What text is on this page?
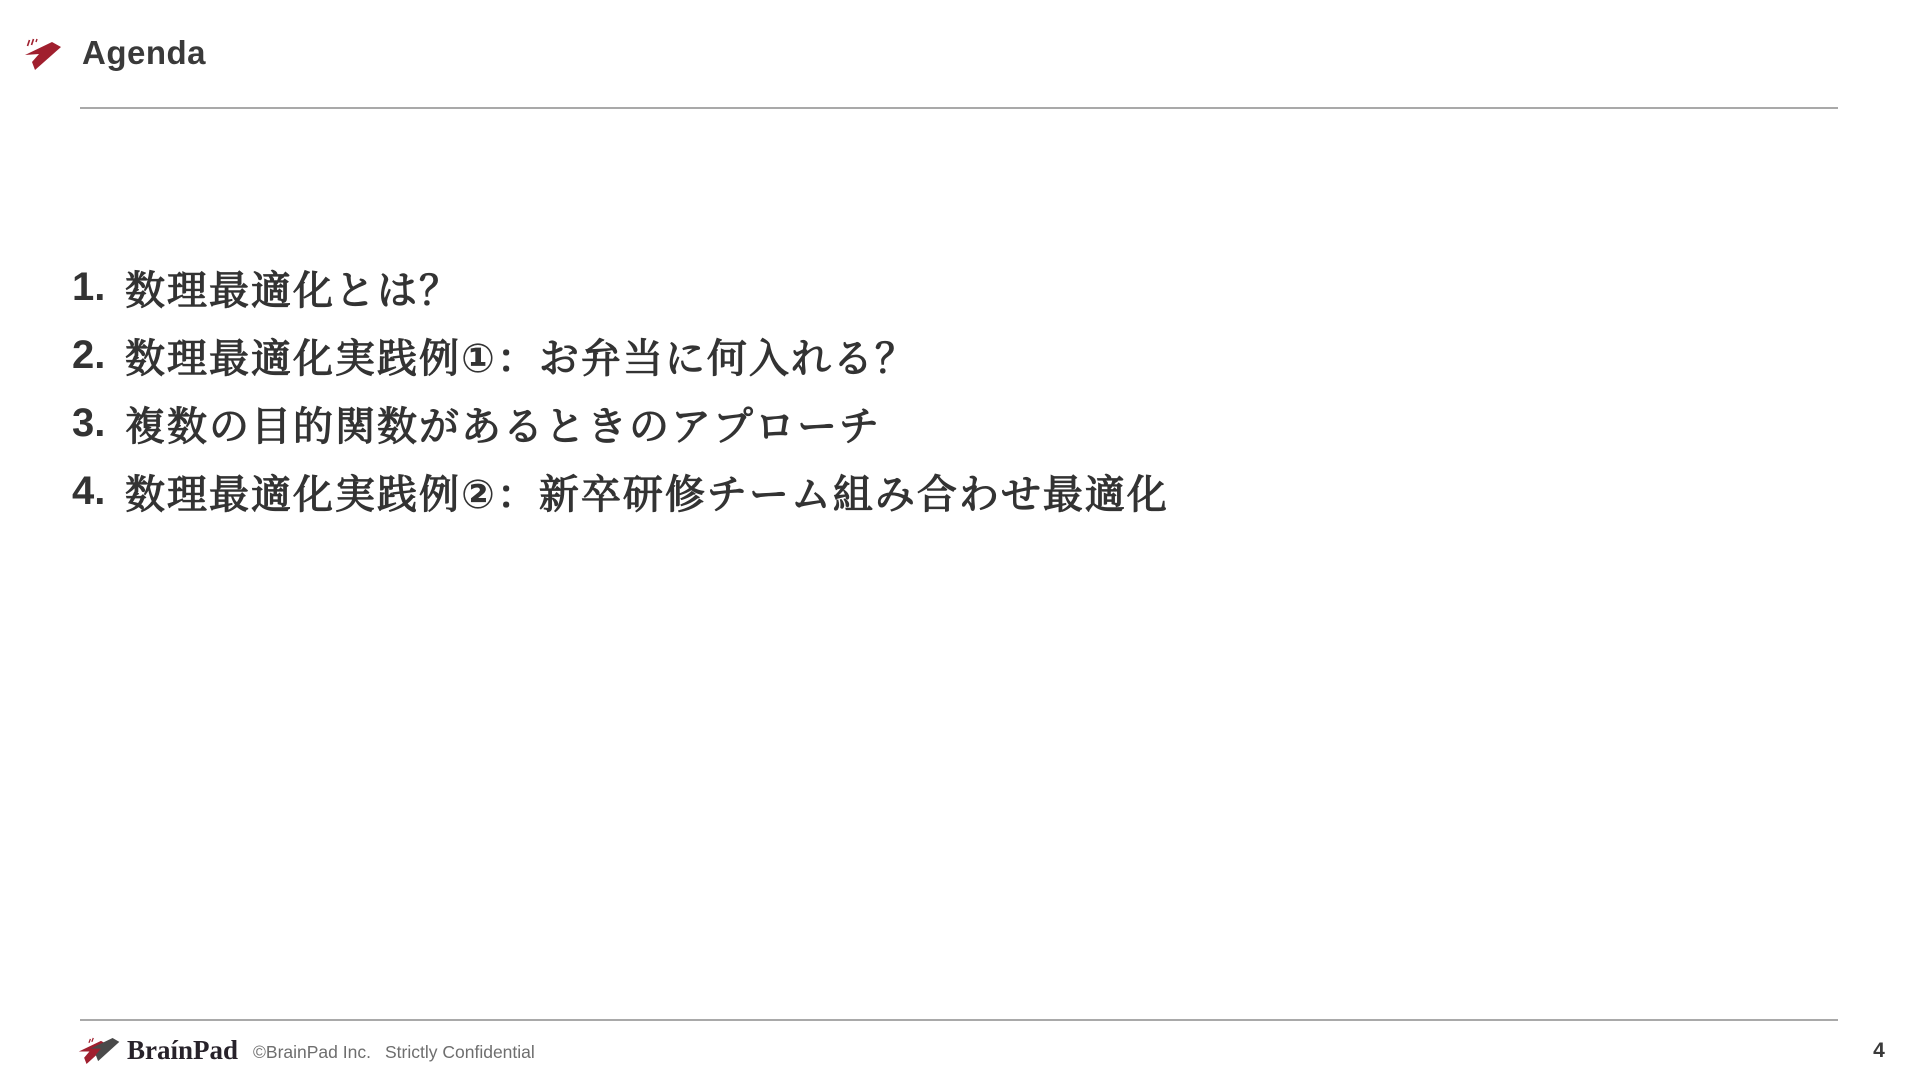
Agenda
1. 数理最適化とは？
2. 数理最適化実践例①：お弁当に何入れる？
3. 複数の目的関数があるときのアプローチ
4. 数理最適化実践例②：新卒研修チーム組み合わせ最適化
BraínPad ©BrainPad Inc. Strictly Confidential	4
